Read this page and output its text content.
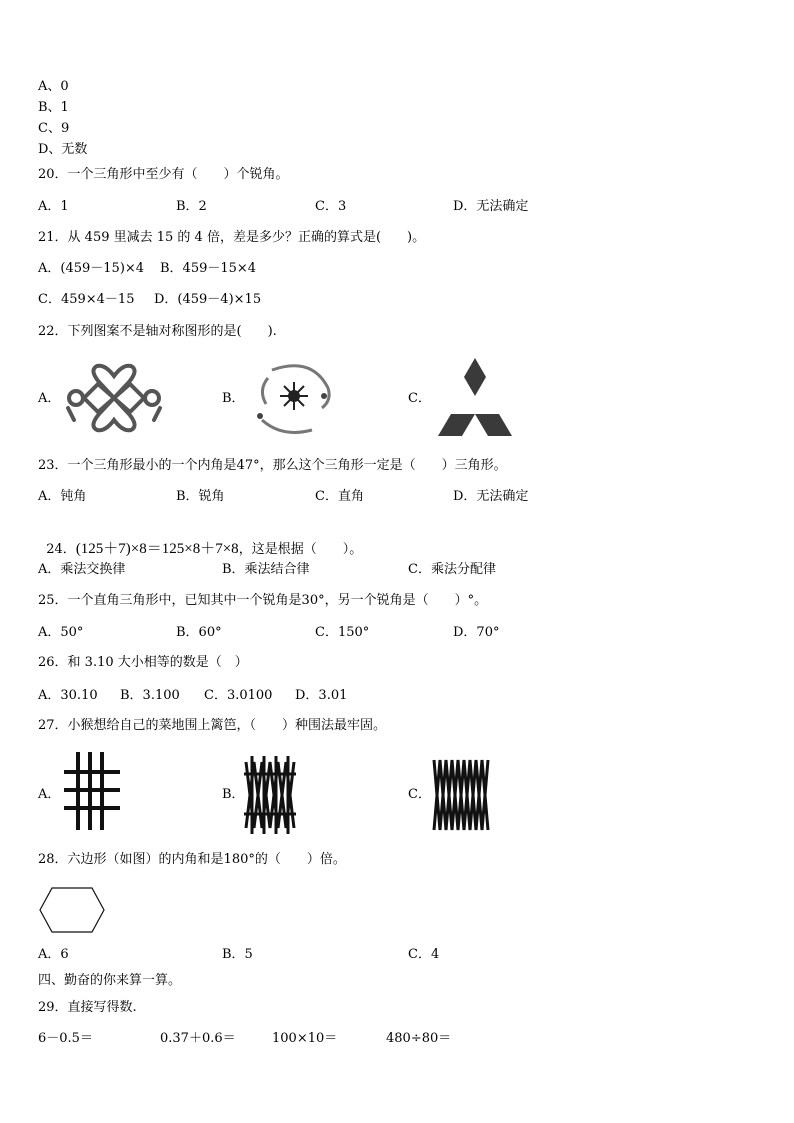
A、0
B、1
C、9
D、无数
20．一个三角形中至少有（　　）个锐角。
A．1	B．2	C．3	D．无法确定
21．从 459 里减去 15 的 4 倍，差是多少？正确的算式是(　　)。
A．(459－15)×4 B．459－15×4
C．459×4－15 D．(459－4)×15
22．下列图案不是轴对称图形的是(　　).
A．	B．	C．
23．一个三角形最小的一个内角是47°，那么这个三角形一定是（　　）三角形。
A．钝角	B．锐角	C．直角	D．无法确定

24．(125＋7)×8＝125×8＋7×8，这是根据（　　）。

A．乘法交换律	B．乘法结合律	C．乘法分配律
25．一个直角三角形中，已知其中一个锐角是30°，另一个锐角是（　　）°。
A．50°	B．60°	C．150°	D．70°
26．和 3.10 大小相等的数是（　）
A．30.10 B．3.100 C．3.0100 D．3.01
27．小猴想给自己的菜地围上篱笆，（　　）种围法最牢固。
A．	B．	C．
28．六边形（如图）的内角和是180°的（　　）倍。
A．6	B．5	C．4
四、勤奋的你来算一算。
29．直接写得数.
6－0.5＝	0.37＋0.6＝	100×10＝	480÷80＝
